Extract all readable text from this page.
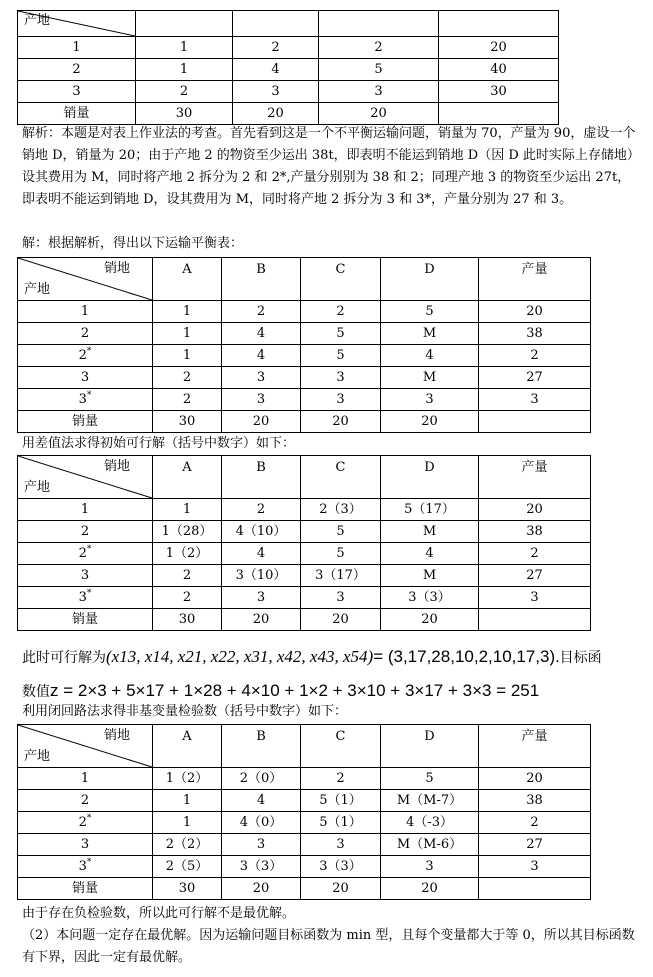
产地				

1	1	2	2	20
2	1	4	5	40
3	2	3	3	30
销量	30	20	20	

解析：本题是对表上作业法的考查。首先看到这是一个不平衡运输问题，销量为 70，产量为 90，虚设一个销地 D，销量为 20；由于产地 2 的物资至少运出 38t，即表明不能运到销地 D（因 D 此时实际上存储地）设其费用为 M，同时将产地 2 拆分为 2 和 2*,产量分别别为 38 和 2；同理产地 3 的物资至少运出 27t，即表明不能运到销地 D，设其费用为 M，同时将产地 2 拆分为 3 和 3*，产量分别为 27 和 3。

解：根据解析，得出以下运输平衡表：

销地
产地	A	B	C	D	产量
1	1	2	2	5	20
2	1	4	5	M	38
2*	1	4	5	4	2
3	2	3	3	M	27
3*	2	3	3	3	3
销量	30	20	20	20	

用差值法求得初始可行解（括号中数字）如下：

销地
产地	A	B	C	D	产量
1	1	2	2（3）	5（17）	20
2	1（28）	4（10）	5	M	38
2*	1（2）	4	5	4	2
3	2	3（10）	3（17）	M	27
3*	2	3	3	3（3）	3
销量	30	20	20	20	
此时可行解为(x13, x14, x21, x22, x31, x42, x43, x54)= (3,17,28,10,2,10,17,3).目标函
数值z = 2×3 + 5×17 + 1×28 + 4×10 + 1×2 + 3×10 + 3×17 + 3×3 = 251

利用闭回路法求得非基变量检验数（括号中数字）如下：

销地
产地	A	B	C	D	产量
1	1（2）	2（0）	2	5	20
2	1	4	5（1）	M（M-7）	38
2*	1	4（0）	5（1）	4（-3）	2
3	2（2）	3	3	M（M-6）	27
3*	2（5）	3（3）	3（3）	3	3
销量	30	20	20	20	

由于存在负检验数，所以此可行解不是最优解。

（2）本问题一定存在最优解。因为运输问题目标函数为 min 型，且每个变量都大于等 0，所以其目标函数有下界，因此一定有最优解。
